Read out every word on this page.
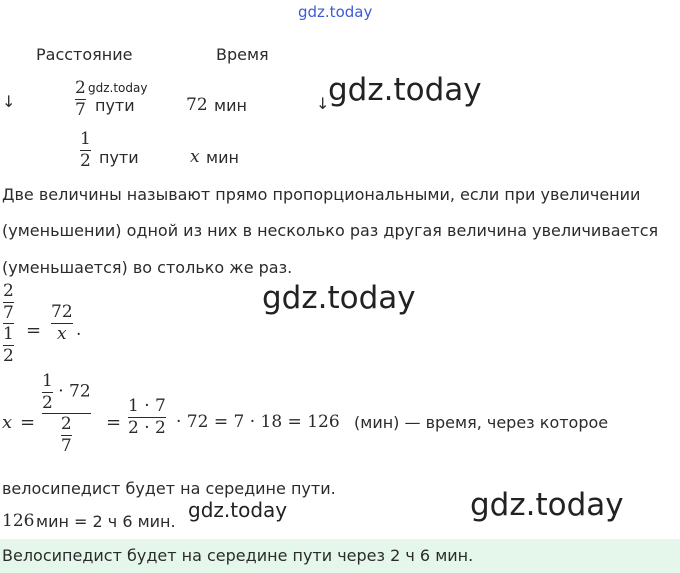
gdz.today
Расстояние	Время
↓	↓
$\frac{2}{7}$ gdz.today
пути	72 мин	gdz.today
$\frac{1}{2}$ пути	x мин
Две величины называют прямо пропорциональными, если при увеличении
(уменьшении) одной из них в несколько раз другая величина увеличивается
(уменьшается) во столько же раз.
$\frac{\frac{2}{7}}{\frac{1}{2}} = \frac{72}{x}$ .
gdz.today
$x = \frac{\frac{1}{2} \cdot 72}{\frac{2}{7}} = \frac{1 \cdot 7}{2 \cdot 2} \cdot 72 = 7 \cdot 18 = 126$ (мин) — время, через которое
велосипедист будет на середине пути.
126 мин = 2 ч 6 мин. gdz.today	gdz.today
Велосипедист будет на середине пути через 2 ч 6 мин.
